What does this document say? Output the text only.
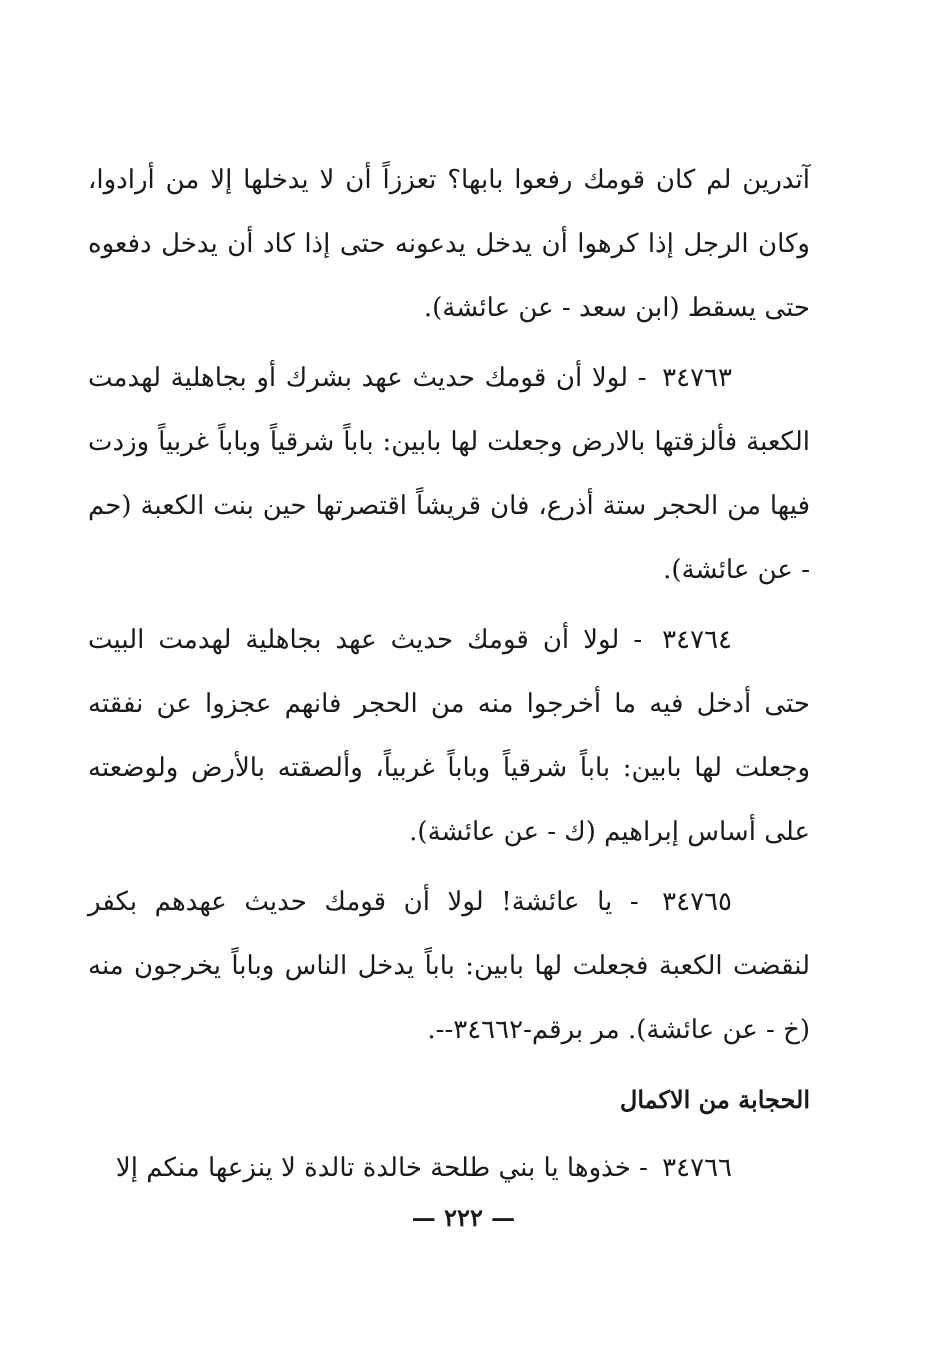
آتدرين لم كان قومك رفعوا بابها؟ تعززاً أن لا يدخلها إلا من أرادوا، وكان الرجل إذا كرهوا أن يدخل يدعونه حتى إذا كاد أن يدخل دفعوه حتى يسقط (ابن سعد - عن عائشة).

٣٤٧٦٣ - لولا أن قومك حديث عهد بشرك أو بجاهلية لهدمت الكعبة فألزقتها بالارض وجعلت لها بابين: باباً شرقياً وباباً غربياً وزدت فيها من الحجر ستة أذرع، فان قريشاً اقتصرتها حين بنت الكعبة (حم - عن عائشة).

٣٤٧٦٤ - لولا أن قومك حديث عهد بجاهلية لهدمت البيت حتى أدخل فيه ما أخرجوا منه من الحجر فانهم عجزوا عن نفقته وجعلت لها بابين: باباً شرقياً وباباً غربياً، وألصقته بالأرض ولوضعته على أساس إبراهيم (ك - عن عائشة).

٣٤٧٦٥ - يا عائشة! لولا أن قومك حديث عهدهم بكفر لنقضت الكعبة فجعلت لها بابين: باباً يدخل الناس وباباً يخرجون منه (خ - عن عائشة). مر برقم-٣٤٦٦٢--.

الحجابة من الاكمال

٣٤٧٦٦ - خذوها يا بني طلحة خالدة تالدة لا ينزعها منكم إلا

— ٢٢٢ —
